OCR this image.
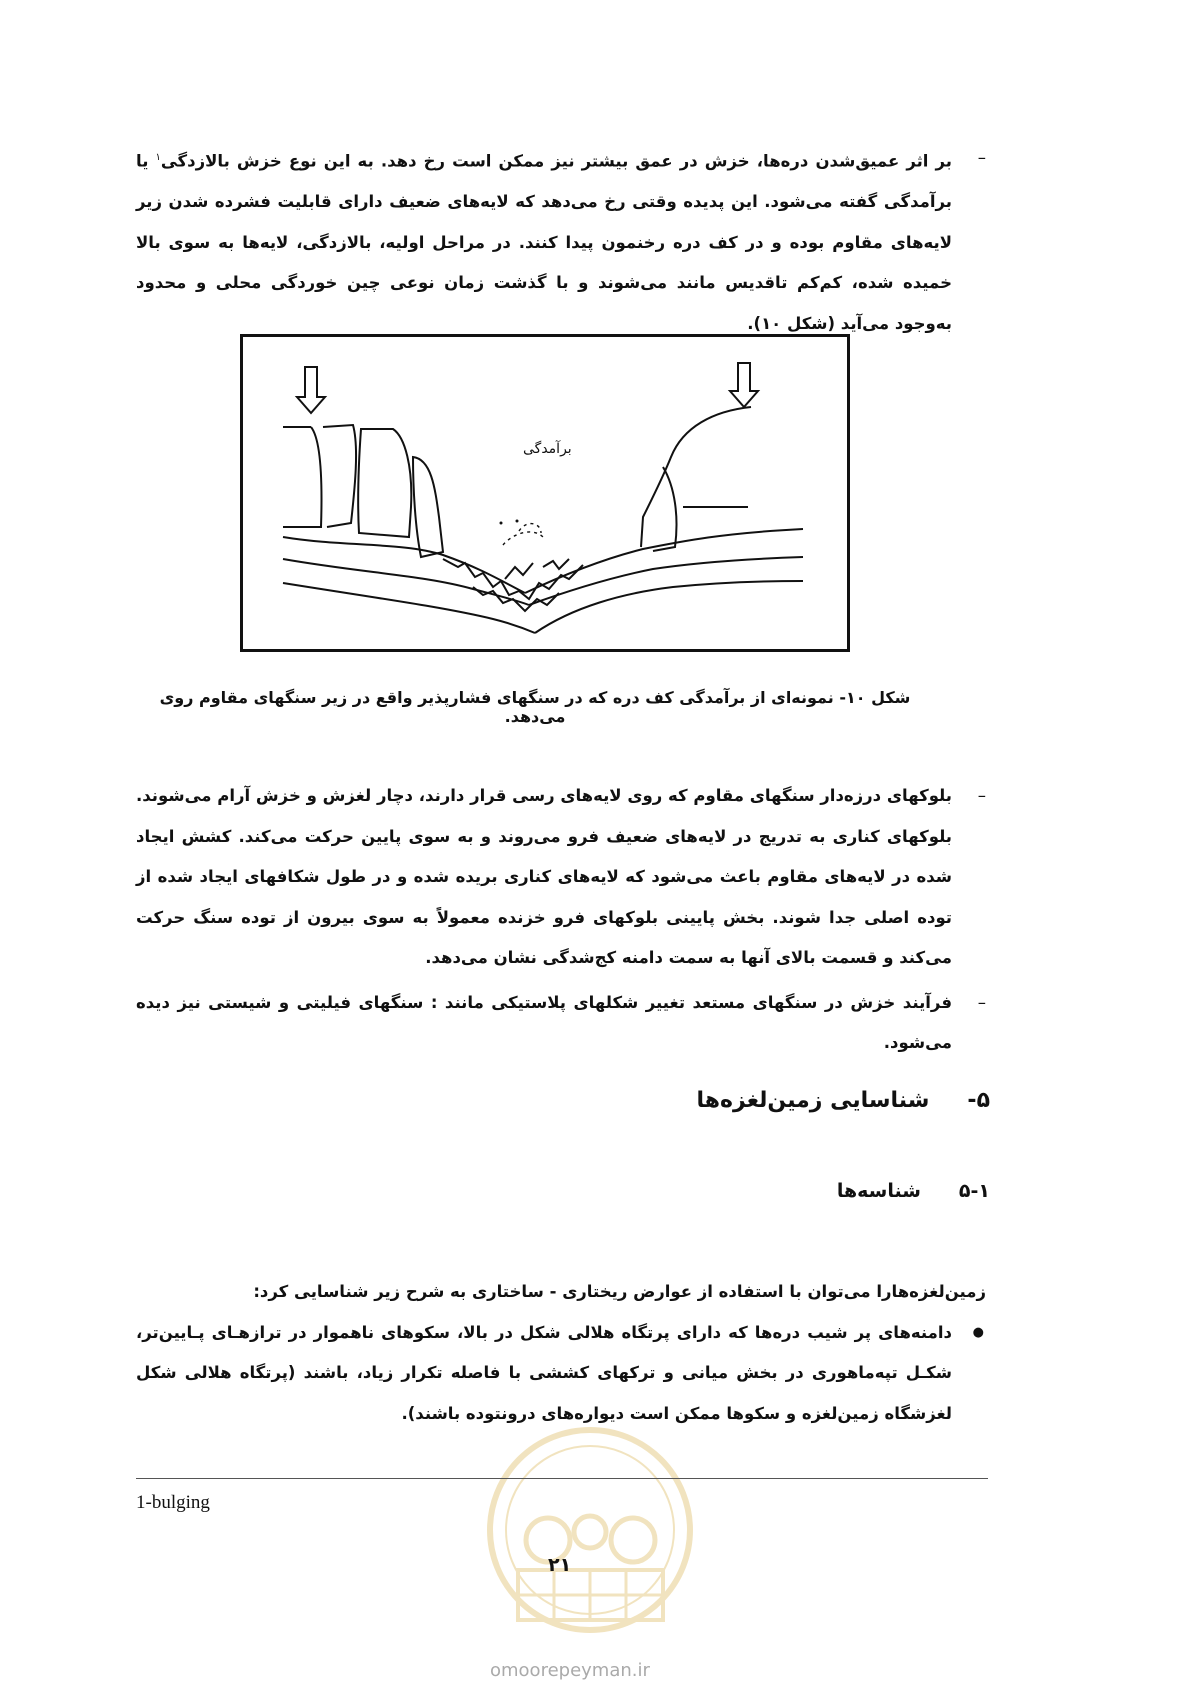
– بر اثر عمیق‌شدن دره‌ها، خزش در عمق بیشتر نیز ممکن است رخ دهد. به این نوع خزش بالازدگی$^۱$ یا برآمدگی گفته می‌شود. این پدیده وقتی رخ می‌دهد که لایه‌های ضعیف دارای قابلیت فشرده شدن زیر لایه‌های مقاوم بوده و در کف دره رخنمون پیدا کنند. در مراحل اولیه، بالازدگی، لایه‌ها به سوی بالا خمیده شده، کم‌کم تاقدیس مانند می‌شوند و با گذشت زمان نوعی چین خوردگی محلی و محدود به‌وجود می‌آید (شکل ۱۰).
برآمدگی
شکل ۱۰- نمونه‌ای از برآمدگی کف دره که در سنگهای فشارپذیر واقع در زیر سنگهای مقاوم روی می‌دهد.
– بلوکهای درزه‌دار سنگهای مقاوم که روی لایه‌های رسی قرار دارند، دچار لغزش و خزش آرام می‌شوند. بلوکهای کناری به تدریج در لایه‌های ضعیف فرو می‌روند و به سوی پایین حرکت می‌کند. کشش ایجاد شده در لایه‌های مقاوم باعث می‌شود که لایه‌های کناری بریده شده و در طول شکافهای ایجاد شده از توده اصلی جدا شوند. بخش پایینی بلوکهای فرو خزنده معمولاً به سوی بیرون از توده سنگ حرکت می‌کند و قسمت بالای آنها به سمت دامنه کج‌شدگی نشان می‌دهد.
– فرآیند خزش در سنگهای مستعد تغییر شکلهای پلاستیکی مانند : سنگهای فیلیتی و شیستی نیز دیده می‌شود.
۵-
شناسایی زمین‌لغزه‌ها
۵-۱
شناسه‌ها
زمین‌لغزه‌هارا می‌توان با استفاده از عوارض ریختاری - ساختاری به شرح زیر شناسایی کرد:
● دامنه‌های پر شیب دره‌ها که دارای پرتگاه هلالی شکل در بالا، سکوهای ناهموار در ترازهـای پـایین‌تر، شکـل تپه‌ماهوری در بخش میانی و ترکهای کششی با فاصله تکرار زیاد، باشند (پرتگاه هلالی شکل لغزشگاه زمین‌لغزه و سکوها ممکن است دیواره‌های درونتوده باشند).
1-bulging
۲۱
omoorepeyman.ir
